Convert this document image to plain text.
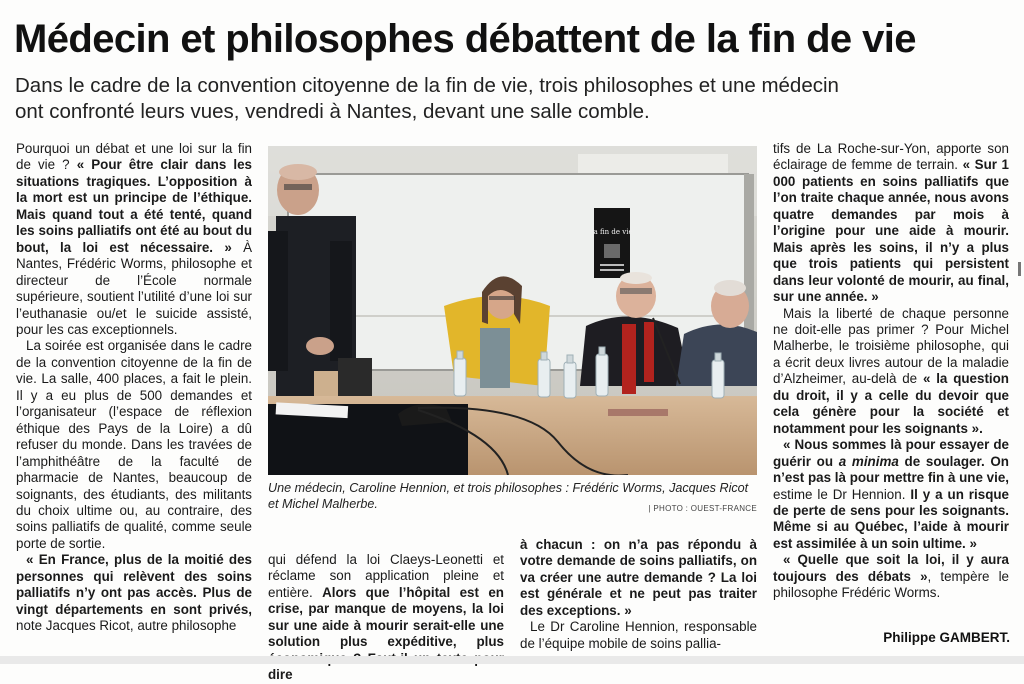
Médecin et philosophes débattent de la fin de vie
Dans le cadre de la convention citoyenne de la fin de vie, trois philosophes et une médecin
ont confronté leurs vues, vendredi à Nantes, devant une salle comble.

Pourquoi un débat et une loi sur la fin de vie ? « Pour être clair dans les situations tragiques. L’opposition à la mort est un principe de l’éthique. Mais quand tout a été tenté, quand les soins palliatifs ont été au bout du bout, la loi est nécessaire. » À Nantes, Frédéric Worms, philosophe et directeur de l’École normale supérieure, soutient l’utilité d’une loi sur l’euthanasie ou/et le suicide assisté, pour les cas exceptionnels.

La soirée est organisée dans le cadre de la convention citoyenne de la fin de vie. La salle, 400 places, a fait le plein. Il y a eu plus de 500 demandes et l’organisateur (l’espace de réflexion éthique des Pays de la Loire) a dû refuser du monde. Dans les travées de l’amphithéâtre de la faculté de pharmacie de Nantes, beaucoup de soignants, des étudiants, des militants du choix ultime ou, au contraire, des soins palliatifs de qualité, comme seule porte de sortie.

« En France, plus de la moitié des personnes qui relèvent des soins palliatifs n’y ont pas accès. Plus de vingt départements en sont privés, note Jacques Ricot, autre philosophe

la fin de vie
Une médecin, Caroline Hennion, et trois philosophes : Frédéric Worms, Jacques Ricot et Michel Malherbe.	| PHOTO : OUEST-FRANCE

qui défend la loi Claeys-Leonetti et réclame son application pleine et entière. Alors que l’hôpital est en crise, par manque de moyens, la loi sur une aide à mourir serait-elle une solution plus expéditive, plus dire

à chacun : on n’a pas répondu à votre demande de soins palliatifs, on va créer une autre demande ? La loi est générale et ne peut pas traiter des exceptions. »

Le Dr Caroline Hennion, responsable de l’équipe mobile de soins pallia-

tifs de La Roche-sur-Yon, apporte son éclairage de femme de terrain. « Sur 1 000 patients en soins palliatifs que l’on traite chaque année, nous avons quatre demandes par mois à l’origine pour une aide à mourir. Mais après les soins, il n’y a plus que trois patients qui persistent dans leur volonté de mourir, au final, sur une année. »

Mais la liberté de chaque personne ne doit-elle pas primer ? Pour Michel Malherbe, le troisième philosophe, qui a écrit deux livres autour de la maladie d’Alzheimer, au-delà de « la question du droit, il y a celle du devoir que cela génère pour la société et notamment pour les soignants ».

« Nous sommes là pour essayer de guérir ou a minima de soulager. On n’est pas là pour mettre fin à une vie, estime le Dr Hennion. Il y a un risque de perte de sens pour les soignants. Même si au Québec, l’aide à mourir est assimilée à un soin ultime. »

« Quelle que soit la loi, il y aura toujours des débats », tempère le philosophe Frédéric Worms.

Philippe GAMBERT.
